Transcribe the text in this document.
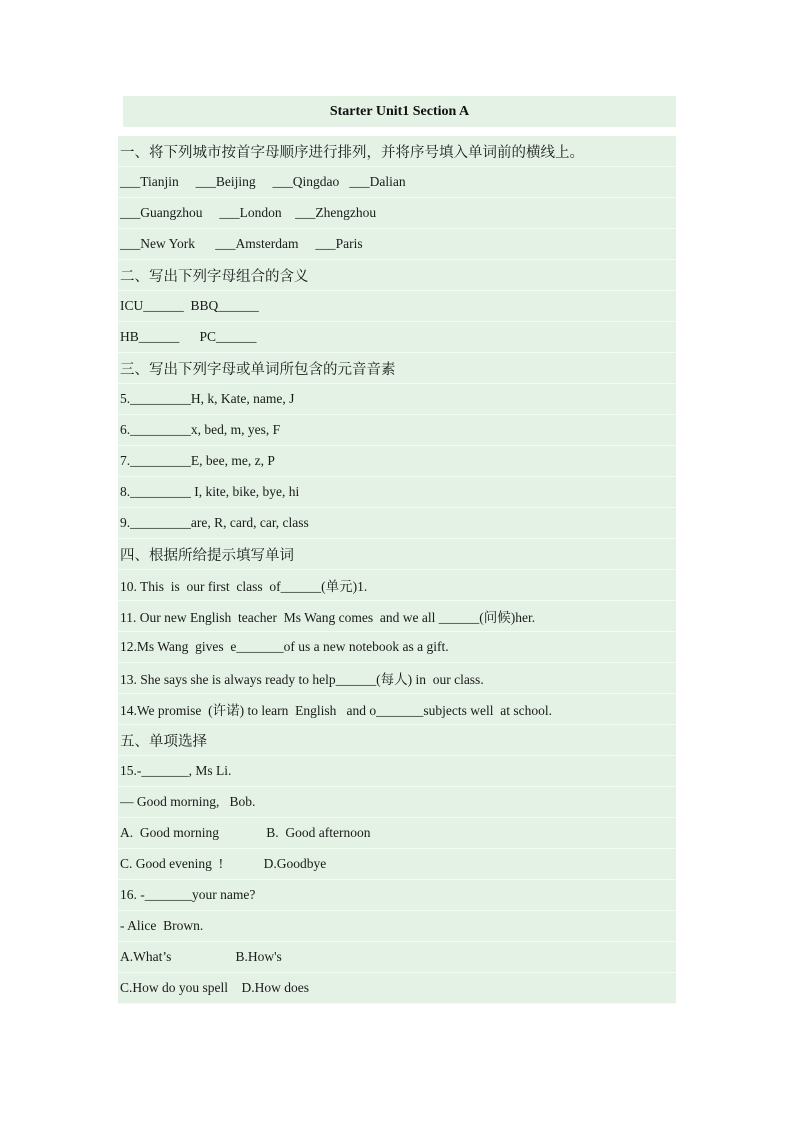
Starter Unit1 Section A
一、将下列城市按首字母顺序进行排列，并将序号填入单词前的横线上。
___Tianjin     ___Beijing     ___Qingdao   ___Dalian
___Guangzhou     ___London    ___Zhengzhou
___New York      ___Amsterdam     ___Paris
二、写出下列字母组合的含义
ICU______  BBQ______
HB______      PC______
三、写出下列字母或单词所包含的元音音素
5._________H, k, Kate, name, J
6._________x, bed, m, yes, F
7._________E, bee, me, z, P
8._________ I, kite, bike, bye, hi
9._________are, R, card, car, class
四、根据所给提示填写单词
10. This  is  our first  class  of______(单元)1.
11. Our new English  teacher  Ms Wang comes  and we all ______(问候)her.
12.Ms Wang  gives  e_______of us a new notebook as a gift.
13. She says she is always ready to help______(每人) in  our class.
14.We promise  (许诺) to learn  English   and o_______subjects well  at school.
五、单项选择
15.-_______, Ms Li.
— Good morning,   Bob.
A.  Good morning              B.  Good afternoon
C. Good evening  !            D.Goodbye
16. -_______your name?
- Alice  Brown.
A.What’s                   B.How's
C.How do you spell    D.How does
